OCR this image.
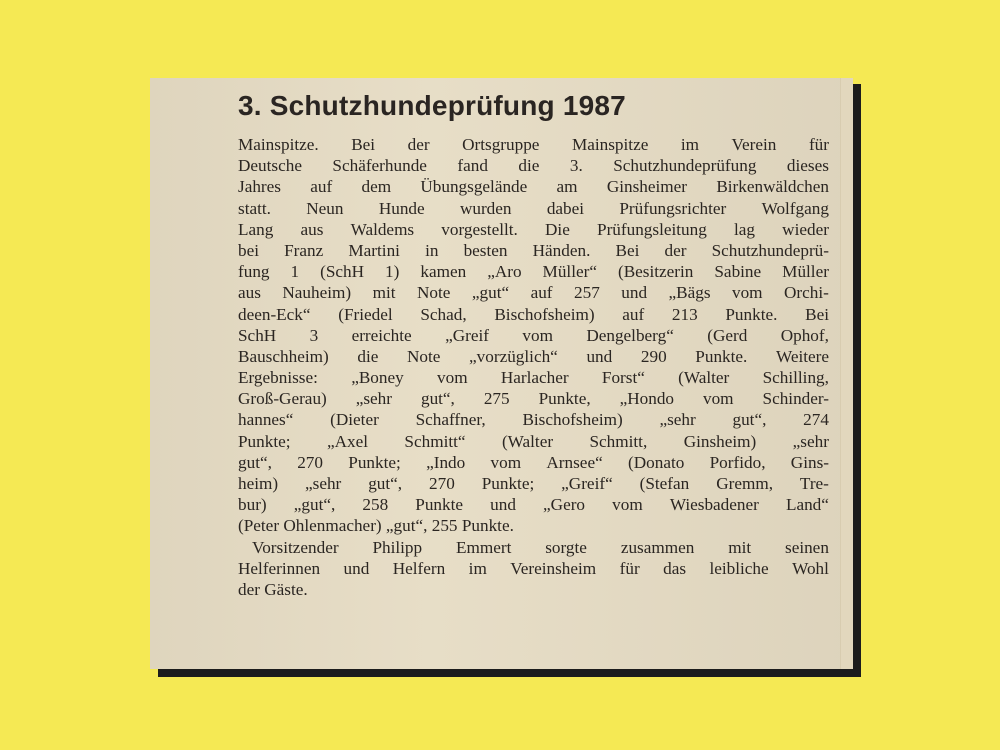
3. Schutzhundeprüfung 1987
Mainspitze. Bei der Ortsgruppe Mainspitze im Verein für
Deutsche Schäferhunde fand die 3. Schutzhundeprüfung dieses
Jahres auf dem Übungsgelände am Ginsheimer Birkenwäldchen
statt. Neun Hunde wurden dabei Prüfungsrichter Wolfgang
Lang aus Waldems vorgestellt. Die Prüfungsleitung lag wieder
bei Franz Martini in besten Händen. Bei der Schutzhundeprü-
fung 1 (SchH 1) kamen „Aro Müller“ (Besitzerin Sabine Müller
aus Nauheim) mit Note „gut“ auf 257 und „Bägs vom Orchi-
deen-Eck“ (Friedel Schad, Bischofsheim) auf 213 Punkte. Bei
SchH 3 erreichte „Greif vom Dengelberg“ (Gerd Ophof,
Bauschheim) die Note „vorzüglich“ und 290 Punkte. Weitere
Ergebnisse: „Boney vom Harlacher Forst“ (Walter Schilling,
Groß-Gerau) „sehr gut“, 275 Punkte, „Hondo vom Schinder-
hannes“ (Dieter Schaffner, Bischofsheim) „sehr gut“, 274
Punkte; „Axel Schmitt“ (Walter Schmitt, Ginsheim) „sehr
gut“, 270 Punkte; „Indo vom Arnsee“ (Donato Porfido, Gins-
heim) „sehr gut“, 270 Punkte; „Greif“ (Stefan Gremm, Tre-
bur) „gut“, 258 Punkte und „Gero vom Wiesbadener Land“
(Peter Ohlenmacher) „gut“, 255 Punkte.
Vorsitzender Philipp Emmert sorgte zusammen mit seinen
Helferinnen und Helfern im Vereinsheim für das leibliche Wohl
der Gäste.
